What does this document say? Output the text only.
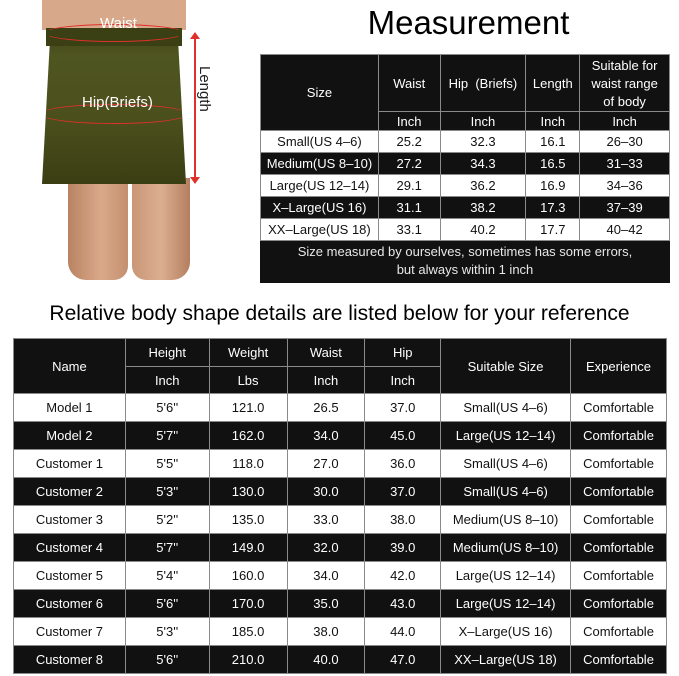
Waist
Hip(Briefs)	Length
Measurement
Size	Waist	Hip  (Briefs)	Length	Suitable for
waist range
of body

	Inch	Inch	Inch	Inch
Small(US 4–6)	25.2	32.3	16.1	26–30
Medium(US 8–10)	27.2	34.3	16.5	31–33
Large(US 12–14)	29.1	36.2	16.9	34–36
X–Large(US 16)	31.1	38.2	17.3	37–39
XX–Large(US 18)	33.1	40.2	17.7	40–42

Size measured by ourselves, sometimes has some errors,
but always within 1 inch				
Relative body shape details are listed below for your reference
Name	Height	Weight	Waist	Hip	Suitable Size	Experience
	Inch	Lbs	Inch	Inch		
Model 1	5'6''	121.0	26.5	37.0	Small(US 4–6)	Comfortable
Model 2	5'7''	162.0	34.0	45.0	Large(US 12–14)	Comfortable
Customer 1	5'5''	118.0	27.0	36.0	Small(US 4–6)	Comfortable
Customer 2	5'3''	130.0	30.0	37.0	Small(US 4–6)	Comfortable
Customer 3	5'2''	135.0	33.0	38.0	Medium(US 8–10)	Comfortable
Customer 4	5'7''	149.0	32.0	39.0	Medium(US 8–10)	Comfortable
Customer 5	5'4''	160.0	34.0	42.0	Large(US 12–14)	Comfortable
Customer 6	5'6''	170.0	35.0	43.0	Large(US 12–14)	Comfortable
Customer 7	5'3''	185.0	38.0	44.0	X–Large(US 16)	Comfortable
Customer 8	5'6''	210.0	40.0	47.0	XX–Large(US 18)	Comfortable
